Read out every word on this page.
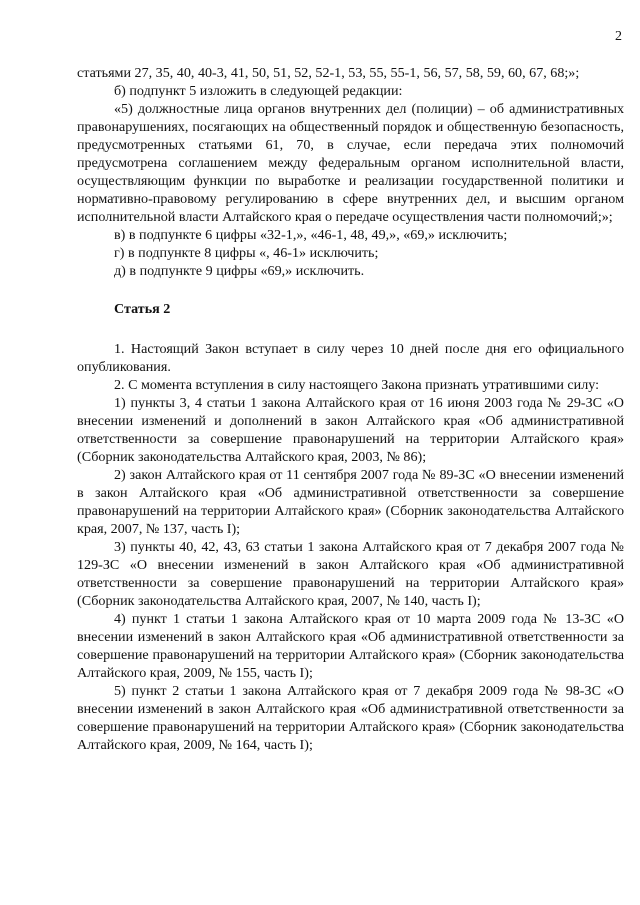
2

статьями 27, 35, 40, 40-3, 41, 50, 51, 52, 52-1, 53, 55, 55-1, 56, 57, 58, 59, 60, 67, 68;»;

б) подпункт 5 изложить в следующей редакции:

«5) должностные лица органов внутренних дел (полиции) – об административных правонарушениях, посягающих на общественный порядок и общественную безопасность, предусмотренных статьями 61, 70, в случае, если передача этих полномочий предусмотрена соглашением между федеральным органом исполнительной власти, осуществляющим функции по выработке и реализации государственной политики и нормативно-правовому регулированию в сфере внутренних дел, и высшим органом исполнительной власти Алтайского края о передаче осуществления части полномочий;»;

в) в подпункте 6 цифры «32-1,», «46-1, 48, 49,», «69,» исключить;

г) в подпункте 8 цифры «, 46-1» исключить;

д) в подпункте 9 цифры «69,» исключить.

Статья 2

1. Настоящий Закон вступает в силу через 10 дней после дня его официального опубликования.

2. С момента вступления в силу настоящего Закона признать утратившими силу:

1) пункты 3, 4 статьи 1 закона Алтайского края от 16 июня 2003 года № 29-ЗС «О внесении изменений и дополнений в закон Алтайского края «Об административной ответственности за совершение правонарушений на территории Алтайского края» (Сборник законодательства Алтайского края, 2003, № 86);

2) закон Алтайского края от 11 сентября 2007 года № 89-ЗС «О внесении изменений в закон Алтайского края «Об административной ответственности за совершение правонарушений на территории Алтайского края» (Сборник законодательства Алтайского края, 2007, № 137, часть I);

3) пункты 40, 42, 43, 63 статьи 1 закона Алтайского края от 7 декабря 2007 года № 129-ЗС «О внесении изменений в закон Алтайского края «Об административной ответственности за совершение правонарушений на территории Алтайского края» (Сборник законодательства Алтайского края, 2007, № 140, часть I);

4) пункт 1 статьи 1 закона Алтайского края от 10 марта 2009 года № 13-ЗС «О внесении изменений в закон Алтайского края «Об административной ответственности за совершение правонарушений на территории Алтайского края» (Сборник законодательства Алтайского края, 2009, № 155, часть I);

5) пункт 2 статьи 1 закона Алтайского края от 7 декабря 2009 года № 98-ЗС «О внесении изменений в закон Алтайского края «Об административной ответственности за совершение правонарушений на территории Алтайского края» (Сборник законодательства Алтайского края, 2009, № 164, часть I);
